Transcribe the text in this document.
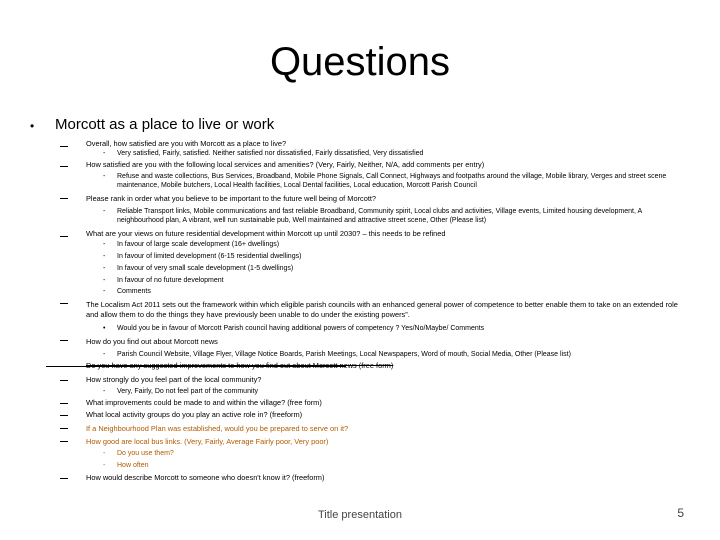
Questions
• Morcott as a place to live or work
Overall, how satisfied are you with Morcott as a place to live?
- Very satisfied, Fairly, satisfied. Neither satisfied nor dissatisfied, Fairly dissatisfied, Very dissatisfied
How satisfied are you with the following local services and amenities? (Very, Fairly, Neither, N/A, add comments per entry)
- Refuse and waste collections, Bus Services, Broadband, Mobile Phone Signals, Call Connect, Highways and footpaths around the village, Mobile library, Verges and street scene maintenance, Mobile butchers, Local Health facilities, Local Dental facilities, Local education, Morcott Parish Council
Please rank in order what you believe to be important to the future well being of Morcott?
- Reliable Transport links, Mobile communications and fast reliable Broadband, Community spirit, Local clubs and activities, Village events, Limited housing development, A neighbourhood plan, A vibrant, well run sustainable pub, Well maintained and attractive street scene, Other (Please list)
What are your views on future residential development within Morcott up until 2030? – this needs to be refined
- In favour of large scale development (16+ dwellings)
- In favour of limited development (6-15 residential dwellings)
- In favour of very small scale development (1-5 dwellings)
- In favour of no future development
- Comments
The Localism Act 2011 sets out the framework within which eligible parish councils with an enhanced general power of competence to better enable them to take on an extended role and allow them to do the things they have previously been unable to do under the existing powers”.
• Would you be in favour of Morcott Parish council having additional powers of competency ? Yes/No/Maybe/ Comments
How do you find out about Morcott news
- Parish Council Website, Village Flyer, Village Notice Boards, Parish Meetings, Local Newspapers, Word of mouth, Social Media, Other (Please list)
Do you have any suggested improvements to how you find out about Morcott news (free form)
How strongly do you feel part of the local community?
- Very, Fairly, Do not feel part of the community
What improvements could be made to and within the village? (free form)
What local activity groups do you play an active role in? (freeform)
If a Neighbourhood Plan was established, would you be prepared to serve on it?
How good are local bus links. (Very, Fairly, Average Fairly poor, Very poor)
- Do you use them?
- How often
How would describe Morcott to someone who doesn't know it? (freeform)
Title presentation	5
